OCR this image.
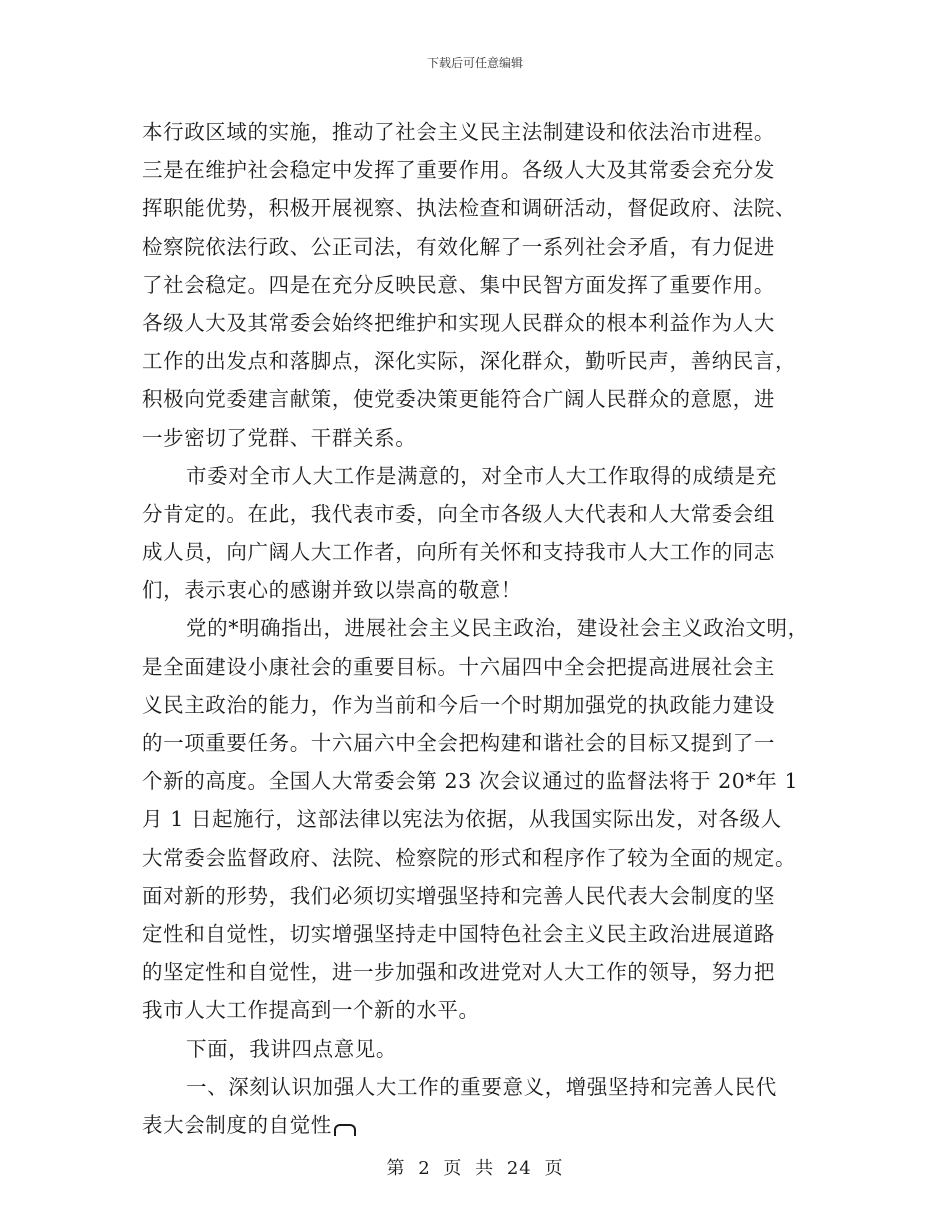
下载后可任意编辑
本行政区域的实施，推动了社会主义民主法制建设和依法治市进程。
三是在维护社会稳定中发挥了重要作用。各级人大及其常委会充分发
挥职能优势，积极开展视察、执法检查和调研活动，督促政府、法院、
检察院依法行政、公正司法，有效化解了一系列社会矛盾，有力促进
了社会稳定。四是在充分反映民意、集中民智方面发挥了重要作用。
各级人大及其常委会始终把维护和实现人民群众的根本利益作为人大
工作的出发点和落脚点，深化实际，深化群众，勤听民声，善纳民言，
积极向党委建言献策，使党委决策更能符合广阔人民群众的意愿，进
一步密切了党群、干群关系。
市委对全市人大工作是满意的，对全市人大工作取得的成绩是充
分肯定的。在此，我代表市委，向全市各级人大代表和人大常委会组
成人员，向广阔人大工作者，向所有关怀和支持我市人大工作的同志
们，表示衷心的感谢并致以崇高的敬意！
党的*明确指出，进展社会主义民主政治，建设社会主义政治文明，
是全面建设小康社会的重要目标。十六届四中全会把提高进展社会主
义民主政治的能力，作为当前和今后一个时期加强党的执政能力建设
的一项重要任务。十六届六中全会把构建和谐社会的目标又提到了一
个新的高度。全国人大常委会第 23 次会议通过的监督法将于 20*年 1
月 1 日起施行，这部法律以宪法为依据，从我国实际出发，对各级人
大常委会监督政府、法院、检察院的形式和程序作了较为全面的规定。
面对新的形势，我们必须切实增强坚持和完善人民代表大会制度的坚
定性和自觉性，切实增强坚持走中国特色社会主义民主政治进展道路
的坚定性和自觉性，进一步加强和改进党对人大工作的领导，努力把
我市人大工作提高到一个新的水平。
下面，我讲四点意见。
一、深刻认识加强人大工作的重要意义，增强坚持和完善人民代
表大会制度的自觉性
第 2 页 共 24 页
